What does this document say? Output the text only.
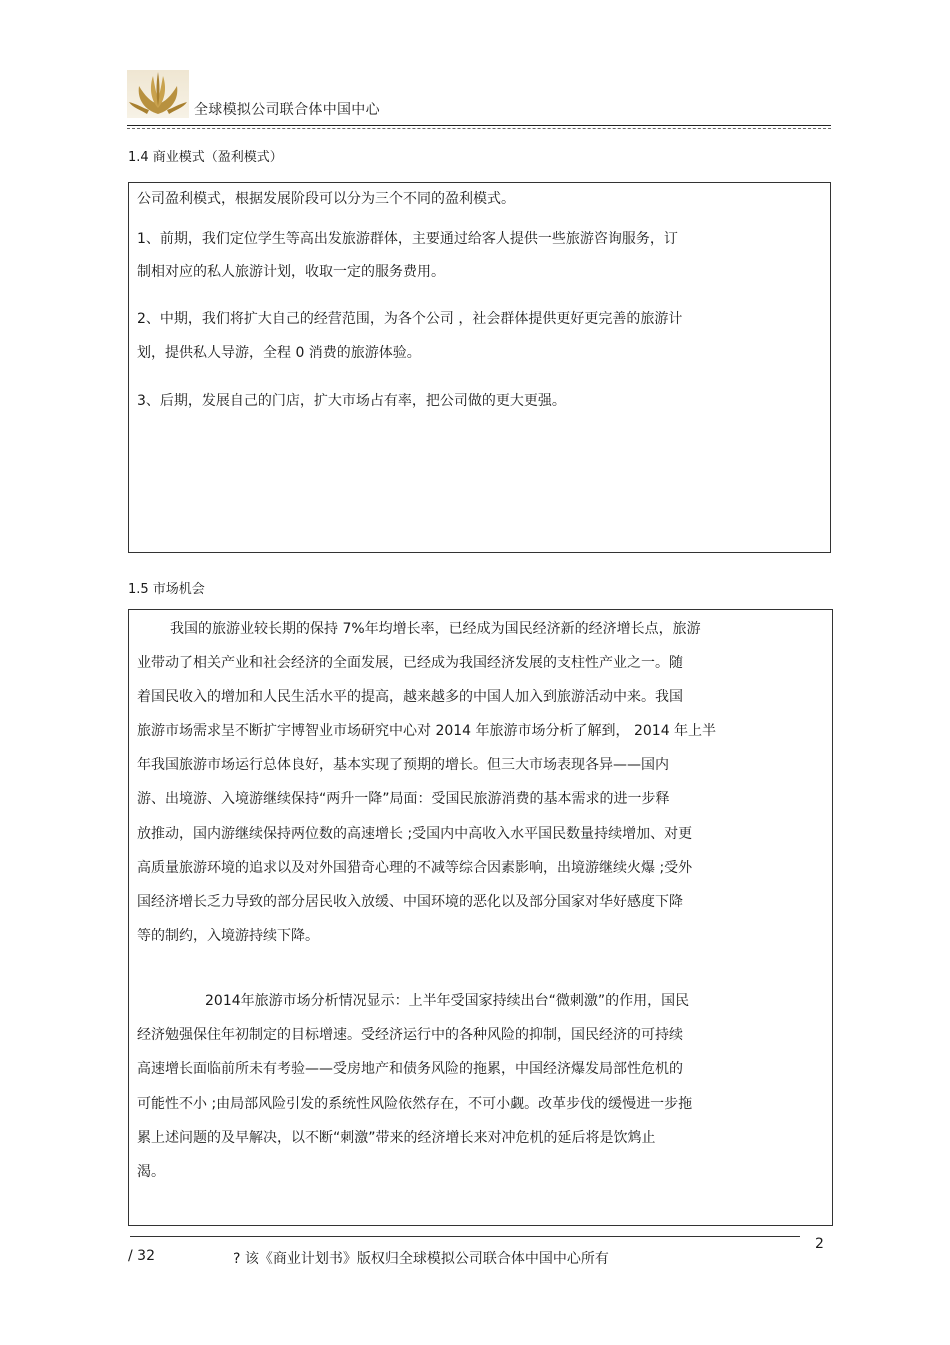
全球模拟公司联合体中国中心
1.4 商业模式（盈利模式）
公司盈利模式，根据发展阶段可以分为三个不同的盈利模式。
1、前期，我们定位学生等高出发旅游群体，主要通过给客人提供一些旅游咨询服务，订
制相对应的私人旅游计划，收取一定的服务费用。
2、中期，我们将扩大自己的经营范围，为各个公司 ，社会群体提供更好更完善的旅游计
划，提供私人导游，全程 0 消费的旅游体验。
3、后期，发展自己的门店，扩大市场占有率，把公司做的更大更强。
1.5 市场机会
我国的旅游业较长期的保持 7%年均增长率，已经成为国民经济新的经济增长点，旅游
业带动了相关产业和社会经济的全面发展，已经成为我国经济发展的支柱性产业之一。随
着国民收入的增加和人民生活水平的提高，越来越多的中国人加入到旅游活动中来。我国
旅游市场需求呈不断扩宇博智业市场研究中心对 2014 年旅游市场分析了解到， 2014 年上半
年我国旅游市场运行总体良好，基本实现了预期的增长。但三大市场表现各异——国内
游、出境游、入境游继续保持“两升一降”局面：受国民旅游消费的基本需求的进一步释
放推动，国内游继续保持两位数的高速增长 ;受国内中高收入水平国民数量持续增加、对更
高质量旅游环境的追求以及对外国猎奇心理的不减等综合因素影响，出境游继续火爆 ;受外
国经济增长乏力导致的部分居民收入放缓、中国环境的恶化以及部分国家对华好感度下降
等的制约，入境游持续下降。
2014年旅游市场分析情况显示：上半年受国家持续出台“微刺激”的作用，国民
经济勉强保住年初制定的目标增速。受经济运行中的各种风险的抑制，国民经济的可持续
高速增长面临前所未有考验——受房地产和债务风险的拖累，中国经济爆发局部性危机的
可能性不小 ;由局部风险引发的系统性风险依然存在，不可小觑。改革步伐的缓慢进一步拖
累上述问题的及早解决，以不断“刺激”带来的经济增长来对冲危机的延后将是饮鸩止
渴。
2
/ 32	? 该《商业计划书》版权归全球模拟公司联合体中国中心所有
